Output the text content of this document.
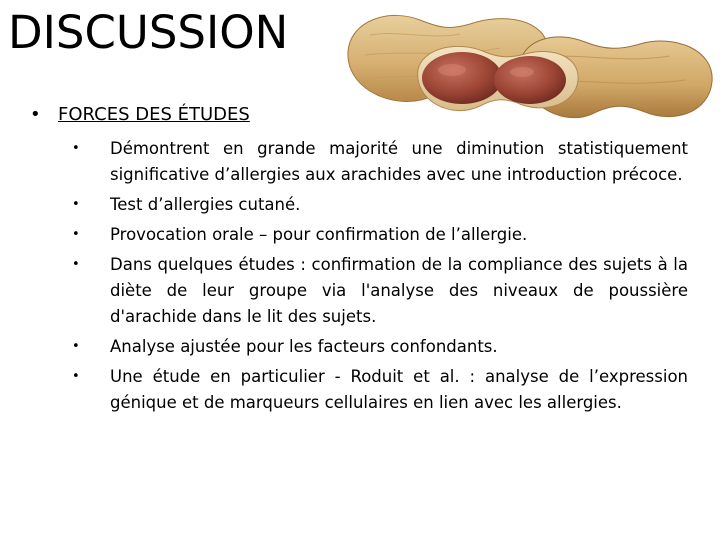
DISCUSSION
• FORCES DES ÉTUDES
• Démontrent en grande majorité une diminution statistiquement significative d’allergies aux arachides avec une introduction précoce.
• Test d’allergies cutané.
• Provocation orale – pour confirmation de l’allergie.
• Dans quelques études : confirmation de la compliance des sujets à la diète de leur groupe via l'analyse des niveaux de poussière d'arachide dans le lit des sujets.
• Analyse ajustée pour les facteurs confondants.
• Une étude en particulier - Roduit et al. : analyse de l’expression génique et de marqueurs cellulaires en lien avec les allergies.
